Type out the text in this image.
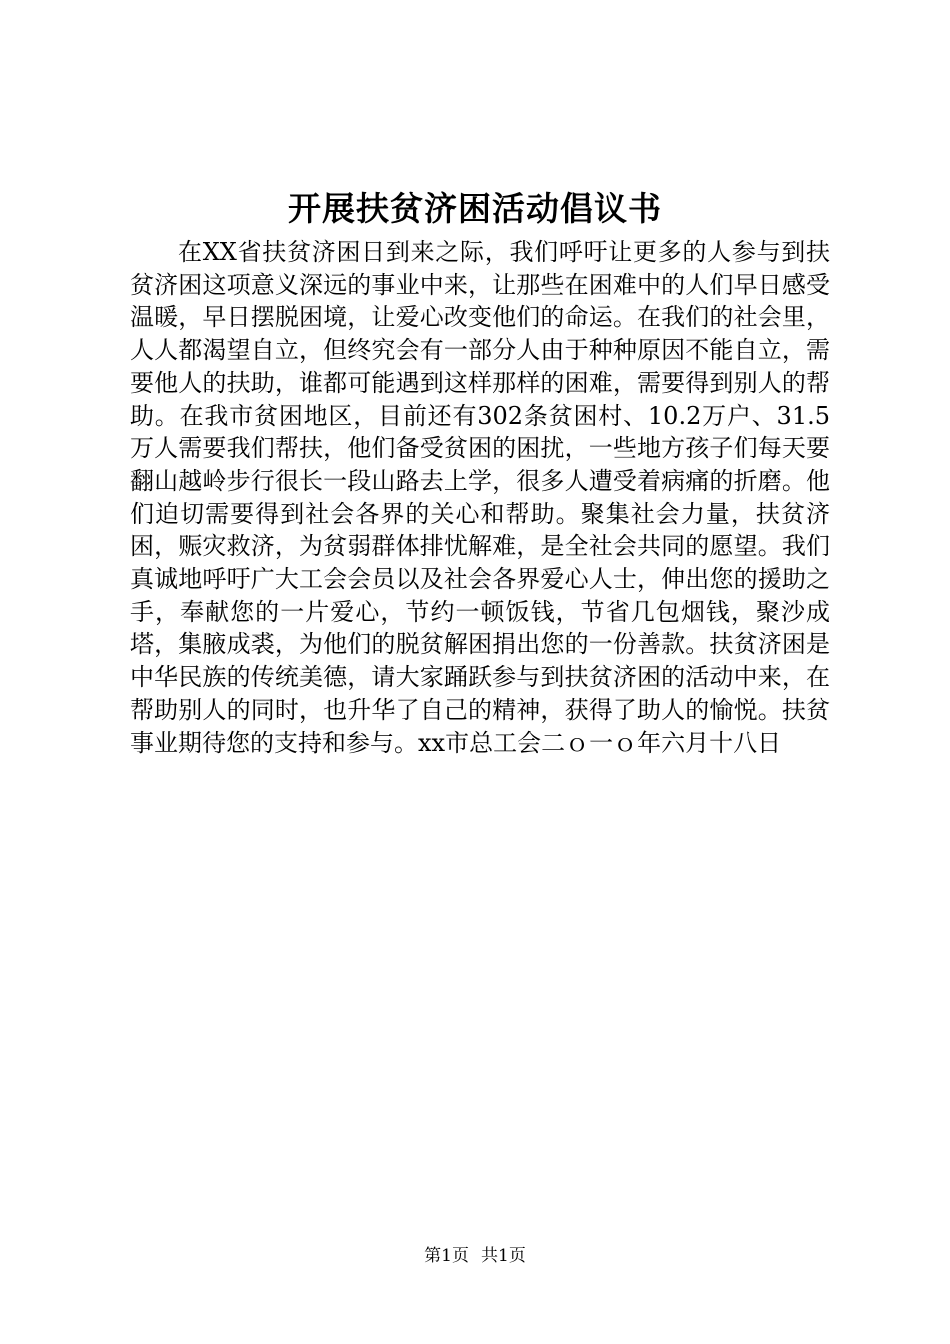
开展扶贫济困活动倡议书

在XX省扶贫济困日到来之际，我们呼吁让更多的人参与到扶贫济困这项意义深远的事业中来，让那些在困难中的人们早日感受温暖，早日摆脱困境，让爱心改变他们的命运。在我们的社会里，人人都渴望自立，但终究会有一部分人由于种种原因不能自立，需要他人的扶助，谁都可能遇到这样那样的困难，需要得到别人的帮助。在我市贫困地区，目前还有302条贫困村、10.2万户、31.5万人需要我们帮扶，他们备受贫困的困扰，一些地方孩子们每天要翻山越岭步行很长一段山路去上学，很多人遭受着病痛的折磨。他们迫切需要得到社会各界的关心和帮助。聚集社会力量，扶贫济困，赈灾救济，为贫弱群体排忧解难，是全社会共同的愿望。我们真诚地呼吁广大工会会员以及社会各界爱心人士，伸出您的援助之手，奉献您的一片爱心，节约一顿饭钱，节省几包烟钱，聚沙成塔，集腋成裘，为他们的脱贫解困捐出您的一份善款。扶贫济困是中华民族的传统美德，请大家踊跃参与到扶贫济困的活动中来，在帮助别人的同时，也升华了自己的精神，获得了助人的愉悦。扶贫事业期待您的支持和参与。xx市总工会二ｏ一ｏ年六月十八日

第1页 共1页
